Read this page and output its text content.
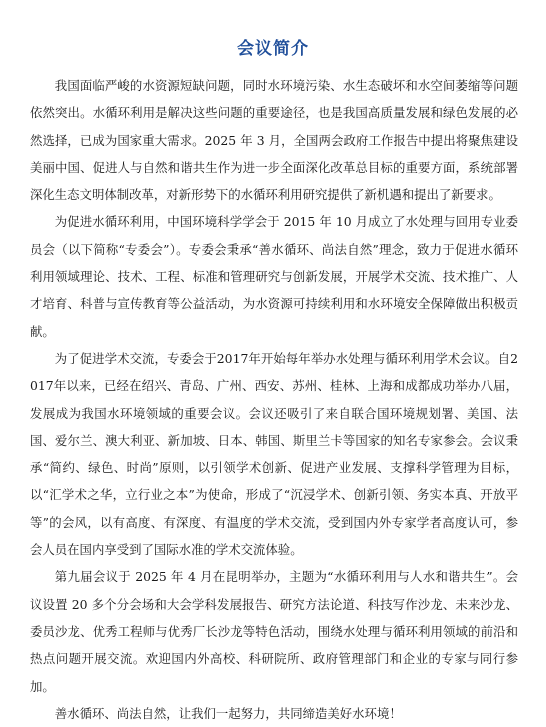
会议简介

我国面临严峻的水资源短缺问题，同时水环境污染、水生态破坏和水空间萎缩等问题依然突出。水循环利用是解决这些问题的重要途径，也是我国高质量发展和绿色发展的必然选择，已成为国家重大需求。2025 年 3 月，全国两会政府工作报告中提出将聚焦建设美丽中国、促进人与自然和谐共生作为进一步全面深化改革总目标的重要方面，系统部署深化生态文明体制改革，对新形势下的水循环利用研究提供了新机遇和提出了新要求。

为促进水循环利用，中国环境科学学会于 2015 年 10 月成立了水处理与回用专业委员会（以下简称“专委会”）。专委会秉承“善水循环、尚法自然”理念，致力于促进水循环利用领域理论、技术、工程、标准和管理研究与创新发展，开展学术交流、技术推广、人才培育、科普与宣传教育等公益活动，为水资源可持续利用和水环境安全保障做出积极贡献。

为了促进学术交流，专委会于2017年开始每年举办水处理与循环利用学术会议。自2017年以来，已经在绍兴、青岛、广州、西安、苏州、桂林、上海和成都成功举办八届，发展成为我国水环境领域的重要会议。会议还吸引了来自联合国环境规划署、美国、法国、爱尔兰、澳大利亚、新加坡、日本、韩国、斯里兰卡等国家的知名专家参会。会议秉承“简约、绿色、时尚”原则，以引领学术创新、促进产业发展、支撑科学管理为目标，以“汇学术之华，立行业之本”为使命，形成了“沉浸学术、创新引领、务实本真、开放平等”的会风，以有高度、有深度、有温度的学术交流，受到国内外专家学者高度认可，参会人员在国内享受到了国际水准的学术交流体验。

第九届会议于 2025 年 4 月在昆明举办，主题为“水循环利用与人水和谐共生”。会议设置 20 多个分会场和大会学科发展报告、研究方法论道、科技写作沙龙、未来沙龙、委员沙龙、优秀工程师与优秀厂长沙龙等特色活动，围绕水处理与循环利用领域的前沿和热点问题开展交流。欢迎国内外高校、科研院所、政府管理部门和企业的专家与同行参加。

善水循环、尚法自然，让我们一起努力，共同缔造美好水环境！
